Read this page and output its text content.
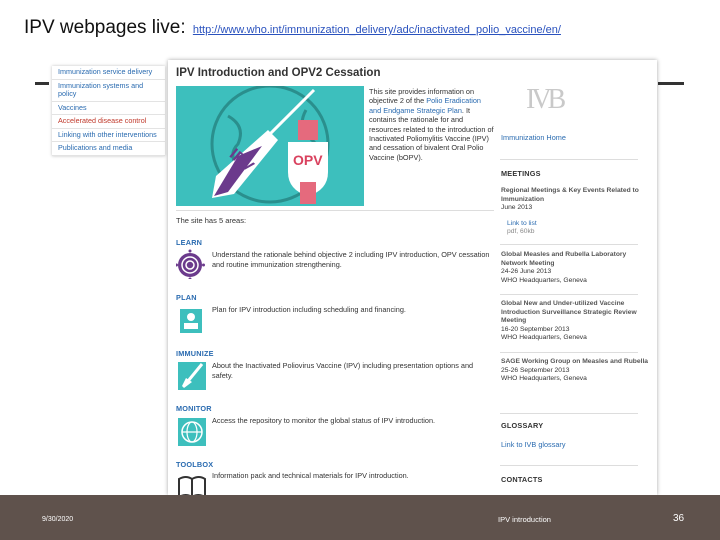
IPV webpages live: http://www.who.int/immunization_delivery/adc/inactivated_polio_vaccine/en/
Immunization service delivery
Immunization systems and policy
Vaccines
Accelerated disease control
Linking with other interventions
Publications and media
IPV Introduction and OPV2 Cessation
IPV	OPV
This site provides information on objective 2 of the Polio Eradication and Endgame Strategic Plan. It contains the rationale for and resources related to the introduction of Inactivated Poliomylitis Vaccine (IPV) and cessation of bivalent Oral Polio Vaccine (bOPV).
The site has 5 areas:
LEARN
Understand the rationale behind objective 2 including IPV introduction, OPV cessation and routine immunization strengthening.
PLAN
Plan for IPV introduction including scheduling and financing.
IMMUNIZE
About the Inactivated Poliovirus Vaccine (IPV) including presentation options and safety.
MONITOR
Access the repository to monitor the global status of IPV introduction.
TOOLBOX
Information pack and technical materials for IPV introduction.
IVB
Immunization Home
MEETINGS
Regional Meetings & Key Events Related to Immunization
June 2013
Link to list
pdf, 60kb
Global Measles and Rubella Laboratory Network Meeting
24-26 June 2013
WHO Headquarters, Geneva
Global New and Under-utilized Vaccine Introduction Surveillance Strategic Review Meeting
16-20 September 2013
WHO Headquarters, Geneva
SAGE Working Group on Measles and Rubella
25-26 September 2013
WHO Headquarters, Geneva
GLOSSARY
Link to IVB glossary
CONTACTS
9/30/2020	IPV introduction	36
